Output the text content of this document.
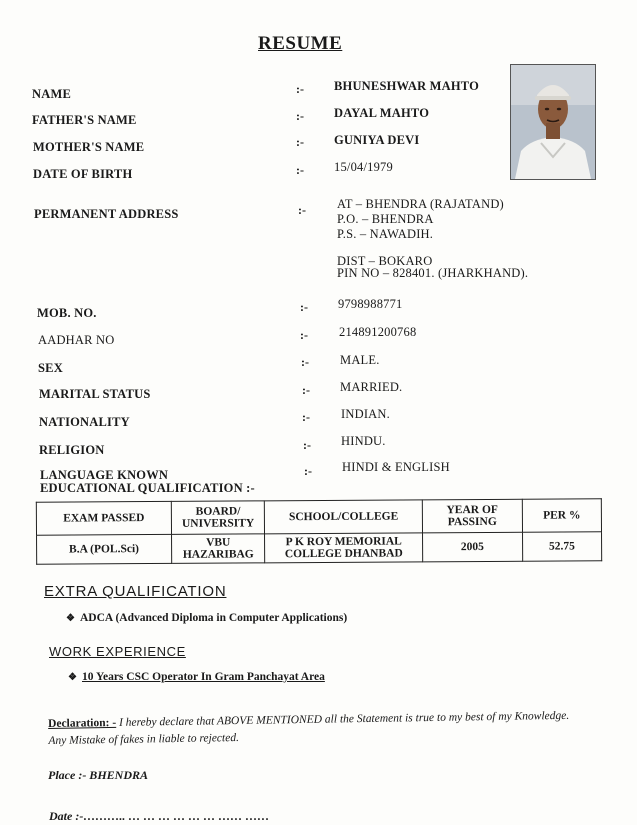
RESUME
NAME	:- BHUNESHWAR MAHTO
FATHER'S NAME	:- DAYAL MAHTO
MOTHER'S NAME	:- GUNIYA DEVI
DATE OF BIRTH	:- 15/04/1979
PERMANENT ADDRESS	:- AT – BHENDRA (RAJATAND)
P.O. – BHENDRA
P.S. – NAWADIH.
DIST – BOKARO
PIN NO – 828401. (JHARKHAND).
MOB. NO.	:- 9798988771
AADHAR NO	:- 214891200768
SEX	:- MALE.
MARITAL STATUS	:- MARRIED.
NATIONALITY	:- INDIAN.
RELIGION	:- HINDU.
LANGUAGE KNOWN	:- HINDI & ENGLISH
EDUCATIONAL QUALIFICATION :-
EXAM PASSED	BOARD/ UNIVERSITY	SCHOOL/COLLEGE	YEAR OF PASSING	PER %
B.A (POL.Sci)	VBU HAZARIBAG	P K ROY MEMORIAL COLLEGE DHANBAD	2005	52.75
EXTRA QUALIFICATION
❖ ADCA (Advanced Diploma in Computer Applications)
WORK EXPERIENCE
❖ 10 Years CSC Operator In Gram Panchayat Area
Declaration: - I hereby declare that ABOVE MENTIONED all the Statement is true to my best of my Knowledge. Any Mistake of fakes in liable to rejected.
Place :- BHENDRA
Date :-……….. … … … … … … …… ……
